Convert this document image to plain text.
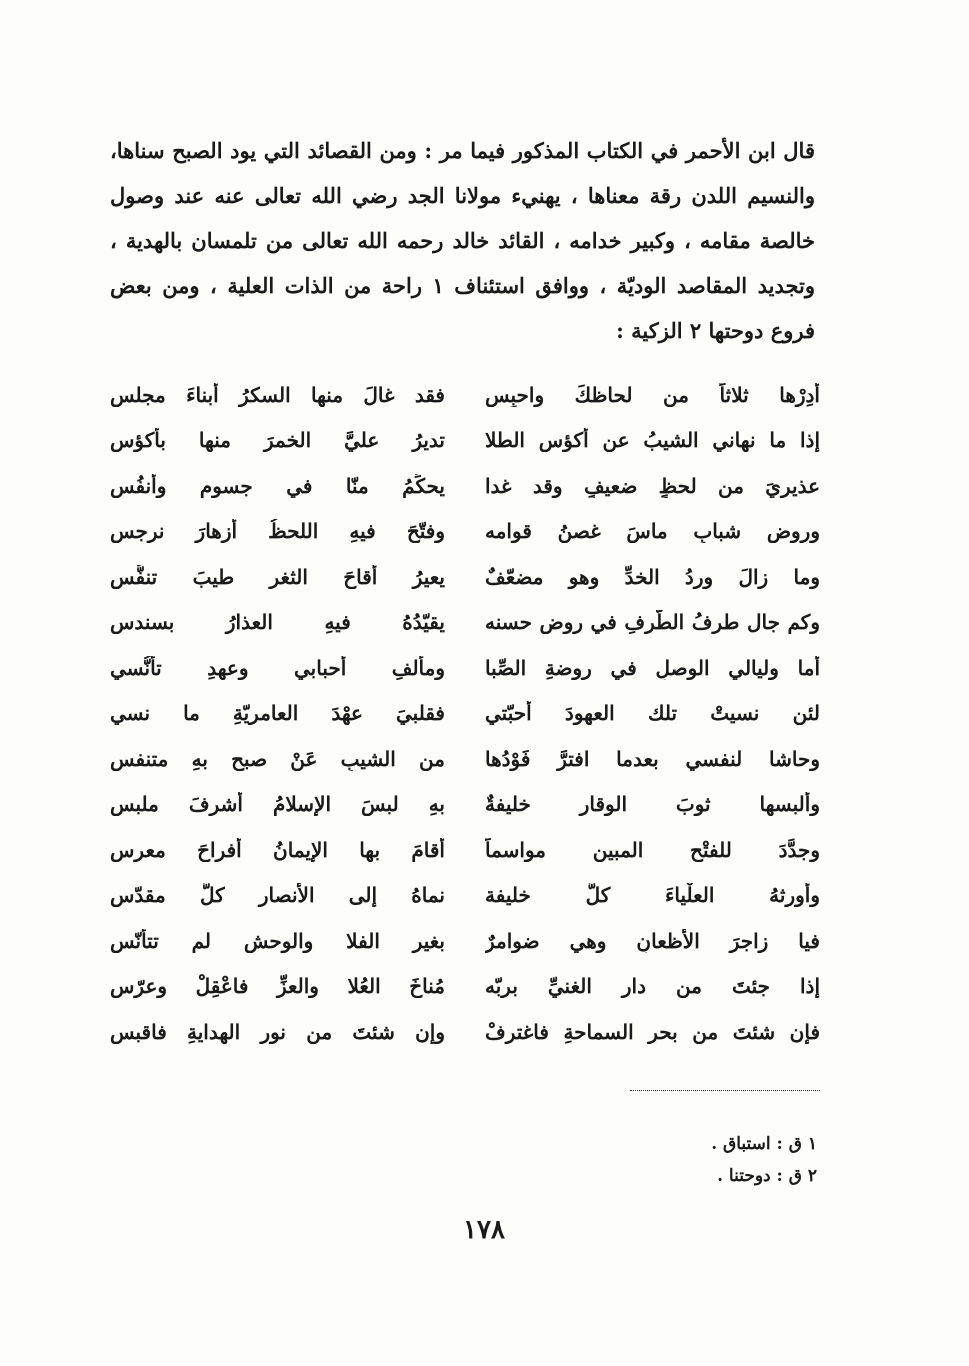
قال ابن الأحمر في الكتاب المذكور فيما مر : ومن القصائد التي يود الصبح سناها،
والنسيم اللدن رقة معناها ، يهنيء مولانا الجد رضي الله تعالى عنه عند وصول
خالصة مقامه ، وكبير خدامه ، القائد خالد رحمه الله تعالى من تلمسان بالهدية ،
وتجديد المقاصد الوديّة ، ووافق استئناف ١ راحة من الذات العلية ، ومن بعض
فروع دوحتها ٢ الزكية :
أدِرْها ثلاثاً من لحاظكَ واحبِسِ
فقد غالَ منها السكرُ أبناءَ مجلسِ
إذا ما نهاني الشيبُ عن أكؤسِ الطلا
تديرُ عليَّ الخمرَ منها بأكؤسِ
عذيريَ من لحظٍ ضعيفٍ وقد غدا
يحكِّمُ منّا في جسومٍ وأنفُسِ
وروضِ شبابٍ ماسَ غصنُ قوامه
وفتّحَ فيهِ اللحظُ أزهارَ نرجسِ
وما زالَ وردُ الخدِّ وهو مضعّفٌ
يعيرُ أقاحَ الثغرِ طيبَ تنفُّسِ
وكم جال طرفُ الطّرفِ في روضِ حسنه
يقيّدُهُ فيهِ العذارُ بسندسِ
أما وليالي الوصلِ في روضةِ الصِّبا
ومألفِ أحبابي وعهدِ تأنُّسي
لئن نسيتْ تلك العهودَ أحبّتي
فقلبيَ عهْدَ العامريّةِ ما نسي
وحاشا لنفسي بعدما افترَّ فَوْدُها
من الشيبِ عَنْ صبحٍ بهِ متنفسِ
وألبسها ثوبَ الوقارِ خليفةٌ
بهِ لبسَ الإسلامُ أشرفَ ملبسِ
وجدَّدَ للفتْحِ المبينِ مواسماً
أقامَ بها الإيمانُ أفراحَ معرسِ
وأورثهُ العلْياءَ كلُّ خليفة
نماهُ إلى الأنصارِ كلُّ مقدّسِ
فيا زاجرَ الأظعانِ وهي ضوامرٌ
بغيرِ الفلا والوحشِ لم تتأنّسِ
إذا جئتَ من دارِ الغنيِّ بربّه
مُناخَ العُلا والعزِّ فاعْقِلْ وعرّسِ
فإن شئتَ من بحرِ السماحةِ فاغترفْ
وإن شئتَ من نورِ الهدايةِ فاقبسِ
١ ق : استباق .
٢ ق : دوحتنا .
١٧٨
